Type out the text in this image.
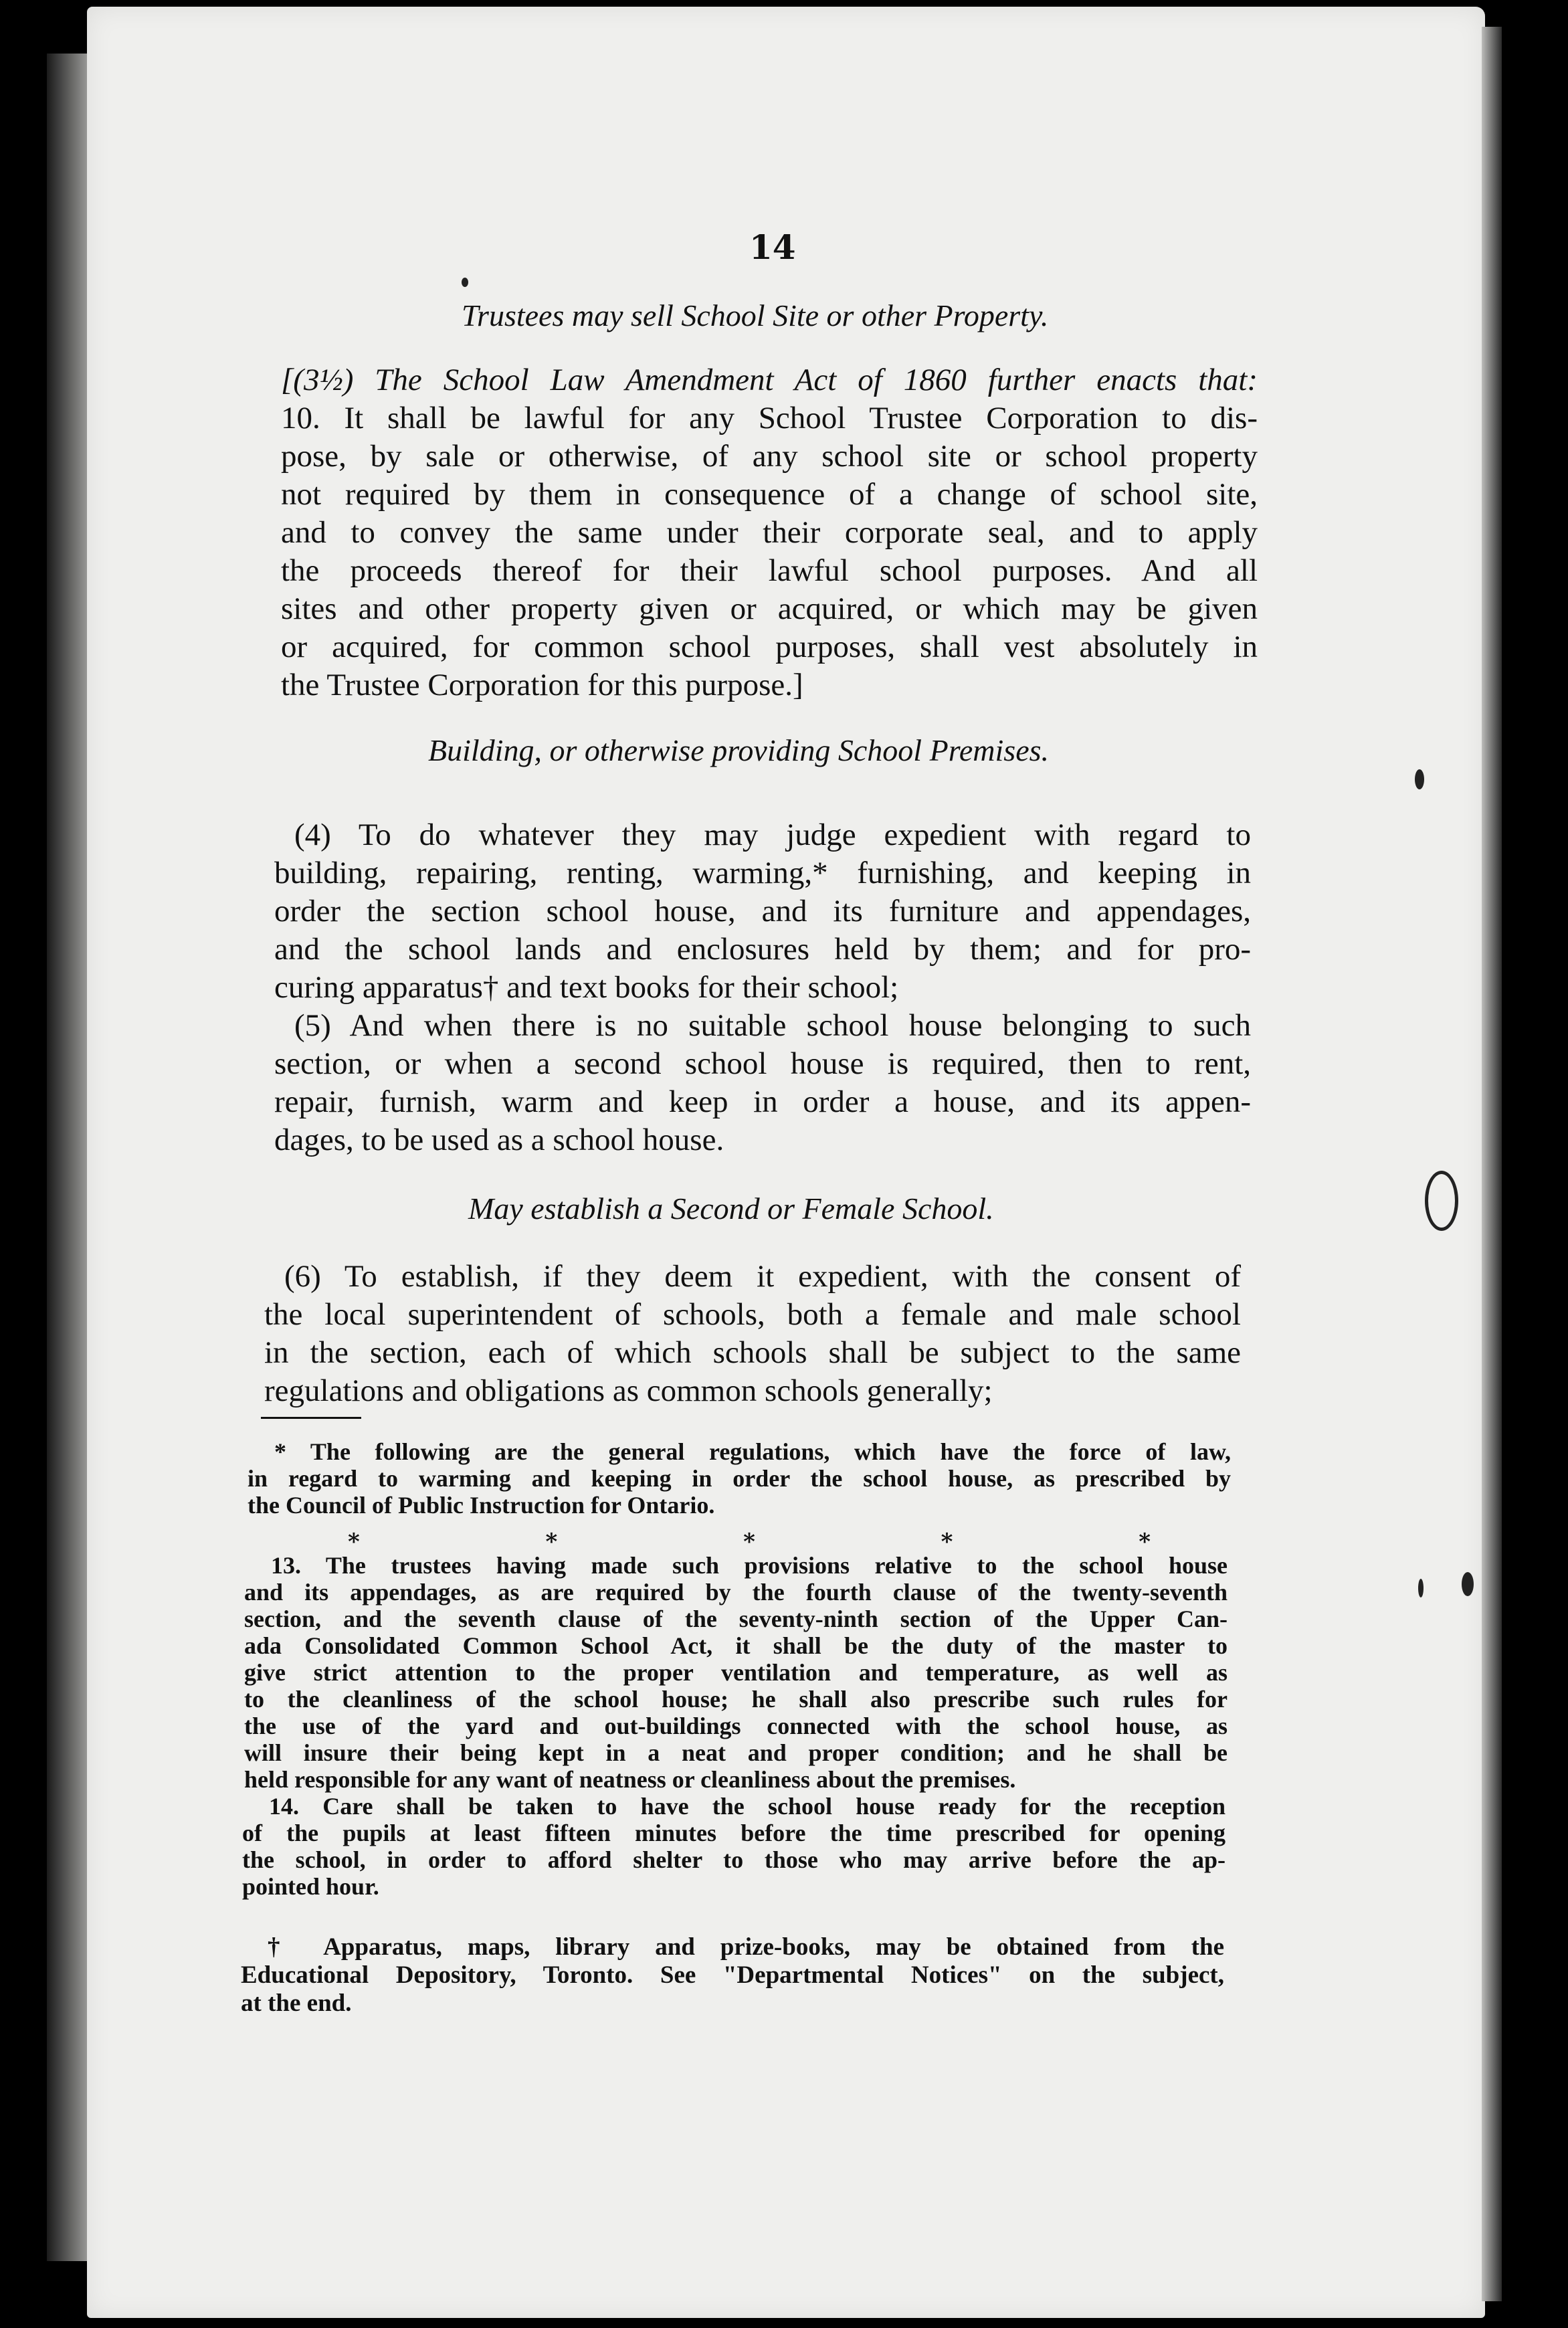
14
Trustees may sell School Site or other Property.
[(3½) The School Law Amendment Act of 1860 further enacts that:
10. It shall be lawful for any School Trustee Corporation to dis-
pose, by sale or otherwise, of any school site or school property
not required by them in consequence of a change of school site,
and to convey the same under their corporate seal, and to apply
the proceeds thereof for their lawful school purposes. And all
sites and other property given or acquired, or which may be given
or acquired, for common school purposes, shall vest absolutely in
the Trustee Corporation for this purpose.]
Building, or otherwise providing School Premises.
(4) To do whatever they may judge expedient with regard to
building, repairing, renting, warming,* furnishing, and keeping in
order the section school house, and its furniture and appendages,
and the school lands and enclosures held by them; and for pro-
curing apparatus† and text books for their school;
(5) And when there is no suitable school house belonging to such
section, or when a second school house is required, then to rent,
repair, furnish, warm and keep in order a house, and its appen-
dages, to be used as a school house.
May establish a Second or Female School.
(6) To establish, if they deem it expedient, with the consent of
the local superintendent of schools, both a female and male school
in the section, each of which schools shall be subject to the same
regulations and obligations as common schools generally;
* The following are the general regulations, which have the force of law,
in regard to warming and keeping in order the school house, as prescribed by
the Council of Public Instruction for Ontario.
*	*	*	*	*
13. The trustees having made such provisions relative to the school house
and its appendages, as are required by the fourth clause of the twenty-seventh
section, and the seventh clause of the seventy-ninth section of the Upper Can-
ada Consolidated Common School Act, it shall be the duty of the master to
give strict attention to the proper ventilation and temperature, as well as
to the cleanliness of the school house; he shall also prescribe such rules for
the use of the yard and out-buildings connected with the school house, as
will insure their being kept in a neat and proper condition; and he shall be
held responsible for any want of neatness or cleanliness about the premises.
14. Care shall be taken to have the school house ready for the reception
of the pupils at least fifteen minutes before the time prescribed for opening
the school, in order to afford shelter to those who may arrive before the ap-
pointed hour.
† Apparatus, maps, library and prize-books, may be obtained from the
Educational Depository, Toronto. See "Departmental Notices" on the subject,
at the end.
